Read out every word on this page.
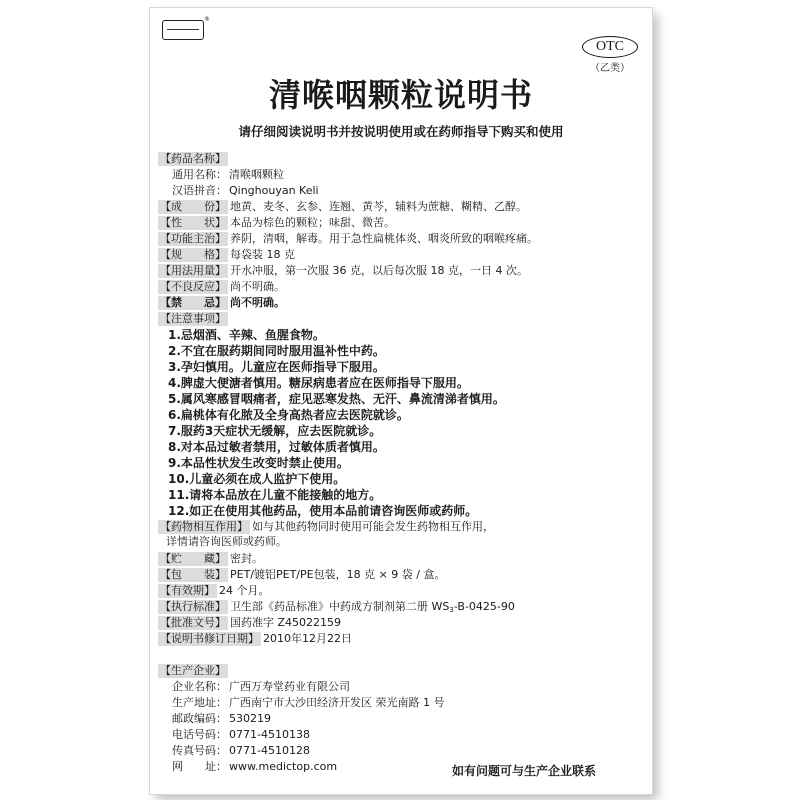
®
OTC
（乙类）
清喉咽颗粒说明书
请仔细阅读说明书并按说明使用或在药师指导下购买和使用
【药品名称】
通用名称： 清喉咽颗粒
汉语拼音： Qinghouyan Keli
【成　　份】 地黄、麦冬、玄参、连翘、黄芩，辅料为蔗糖、糊精、乙醇。
【性　　状】 本品为棕色的颗粒；味甜、微苦。
【功能主治】 养阴，清咽，解毒。用于急性扁桃体炎、咽炎所致的咽喉疼痛。
【规　　格】 每袋装 18 克
【用法用量】 开水冲服，第一次服 36 克，以后每次服 18 克，一日 4 次。
【不良反应】 尚不明确。
【禁　　忌】 尚不明确。
【注意事项】
1.忌烟酒、辛辣、鱼腥食物。
2.不宜在服药期间同时服用温补性中药。
3.孕妇慎用。儿童应在医师指导下服用。
4.脾虚大便溏者慎用。糖尿病患者应在医师指导下服用。
5.属风寒感冒咽痛者，症见恶寒发热、无汗、鼻流清涕者慎用。
6.扁桃体有化脓及全身高热者应去医院就诊。
7.服药3天症状无缓解，应去医院就诊。
8.对本品过敏者禁用，过敏体质者慎用。
9.本品性状发生改变时禁止使用。
10.儿童必须在成人监护下使用。
11.请将本品放在儿童不能接触的地方。
12.如正在使用其他药品，使用本品前请咨询医师或药师。
【药物相互作用】 如与其他药物同时使用可能会发生药物相互作用，
详情请咨询医师或药师。
【贮　　藏】 密封。
【包　　装】 PET/镀铝PET/PE包装，18 克 × 9 袋 / 盒。
【有效期】 24 个月。
【执行标准】 卫生部《药品标准》中药成方制剂第二册 WS3-B-0425-90
【批准文号】 国药准字 Z45022159
【说明书修订日期】 2010年12月22日
【生产企业】
企业名称： 广西万寿堂药业有限公司
生产地址： 广西南宁市大沙田经济开发区 荣光南路 1 号
邮政编码： 530219
电话号码： 0771-4510138
传真号码： 0771-4510128
网　　址： www.medictop.com	如有问题可与生产企业联系
